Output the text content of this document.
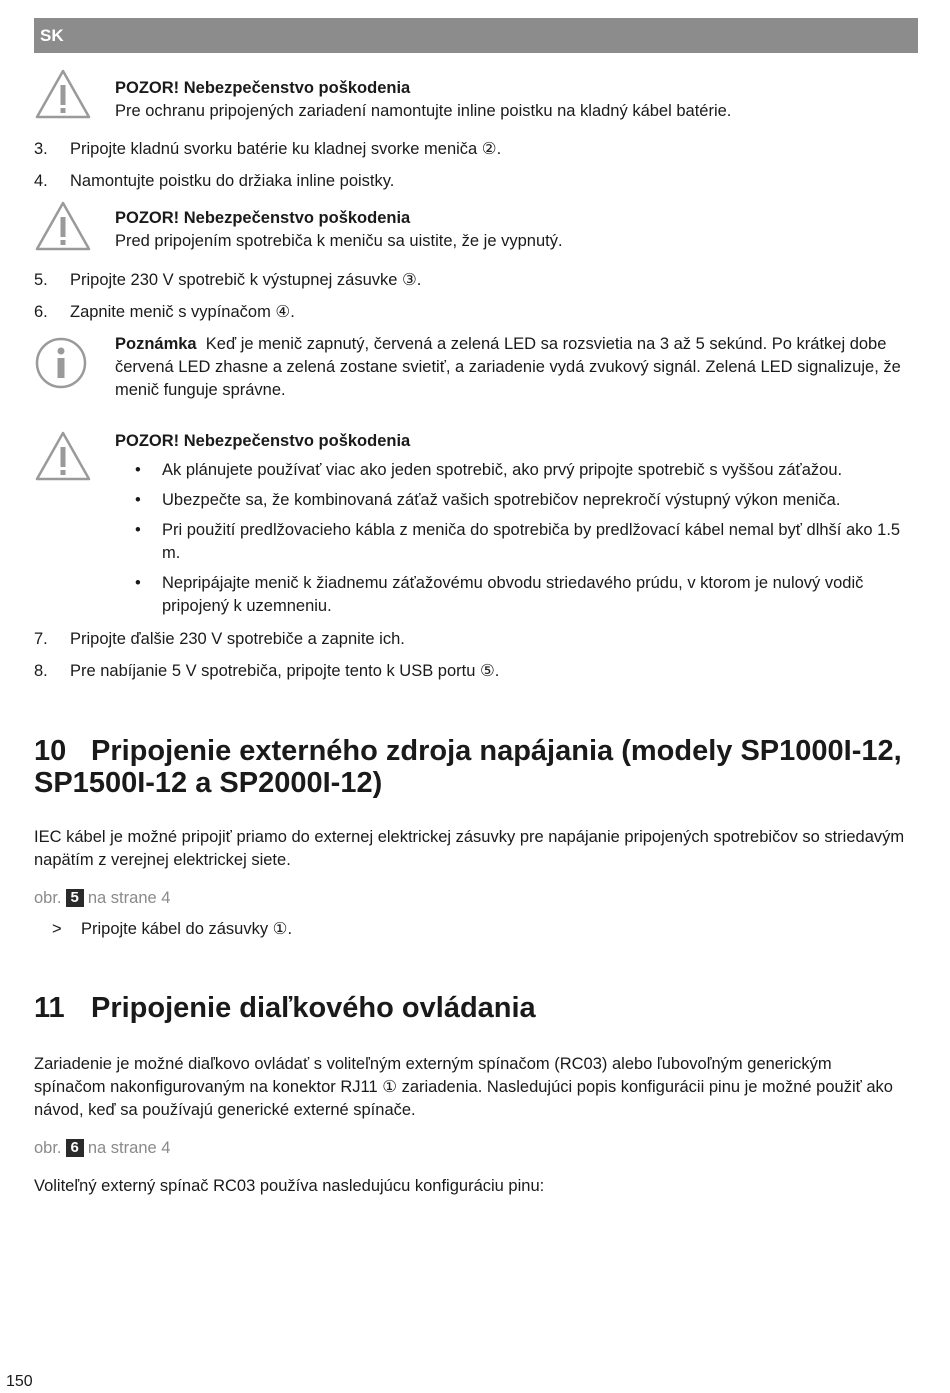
SK
POZOR! Nebezpečenstvo poškodenia
Pre ochranu pripojených zariadení namontujte inline poistku na kladný kábel batérie.
3.	Pripojte kladnú svorku batérie ku kladnej svorke meniča ②.
4.	Namontujte poistku do držiaka inline poistky.
POZOR! Nebezpečenstvo poškodenia
Pred pripojením spotrebiča k meniču sa uistite, že je vypnutý.
5.	Pripojte 230 V spotrebič k výstupnej zásuvke ③.
6.	Zapnite menič s vypínačom ④.
Poznámka Keď je menič zapnutý, červená a zelená LED sa rozsvietia na 3 až 5 sekúnd. Po krátkej dobe červená LED zhasne a zelená zostane svietiť, a zariadenie vydá zvukový signál. Zelená LED signalizuje, že menič funguje správne.
POZOR! Nebezpečenstvo poškodenia
• Ak plánujete používať viac ako jeden spotrebič, ako prvý pripojte spotrebič s vyššou záťažou.
• Ubezpečte sa, že kombinovaná záťaž vašich spotrebičov neprekročí výstupný výkon meniča.
• Pri použití predlžovacieho kábla z meniča do spotrebiča by predlžovací kábel nemal byť dlhší ako 1.5 m.
• Nepripájajte menič k žiadnemu záťažovému obvodu striedavého prúdu, v ktorom je nulový vodič pripojený k uzemneniu.
7.	Pripojte ďalšie 230 V spotrebiče a zapnite ich.
8.	Pre nabíjanie 5 V spotrebiča, pripojte tento k USB portu ⑤.
10 Pripojenie externého zdroja napájania (modely SP1000I-12, SP1500I-12 a SP2000I-12)
IEC kábel je možné pripojiť priamo do externej elektrickej zásuvky pre napájanie pripojených spotrebičov so striedavým napätím z verejnej elektrickej siete.
obr. 5 na strane 4
> Pripojte kábel do zásuvky ①.
11 Pripojenie diaľkového ovládania
Zariadenie je možné diaľkovo ovládať s voliteľným externým spínačom (RC03) alebo ľubovoľným generickým spínačom nakonfigurovaným na konektor RJ11 ① zariadenia. Nasledujúci popis konfigurácii pinu je možné použiť ako návod, keď sa používajú generické externé spínače.
obr. 6 na strane 4
Voliteľný externý spínač RC03 používa nasledujúcu konfiguráciu pinu:
150
